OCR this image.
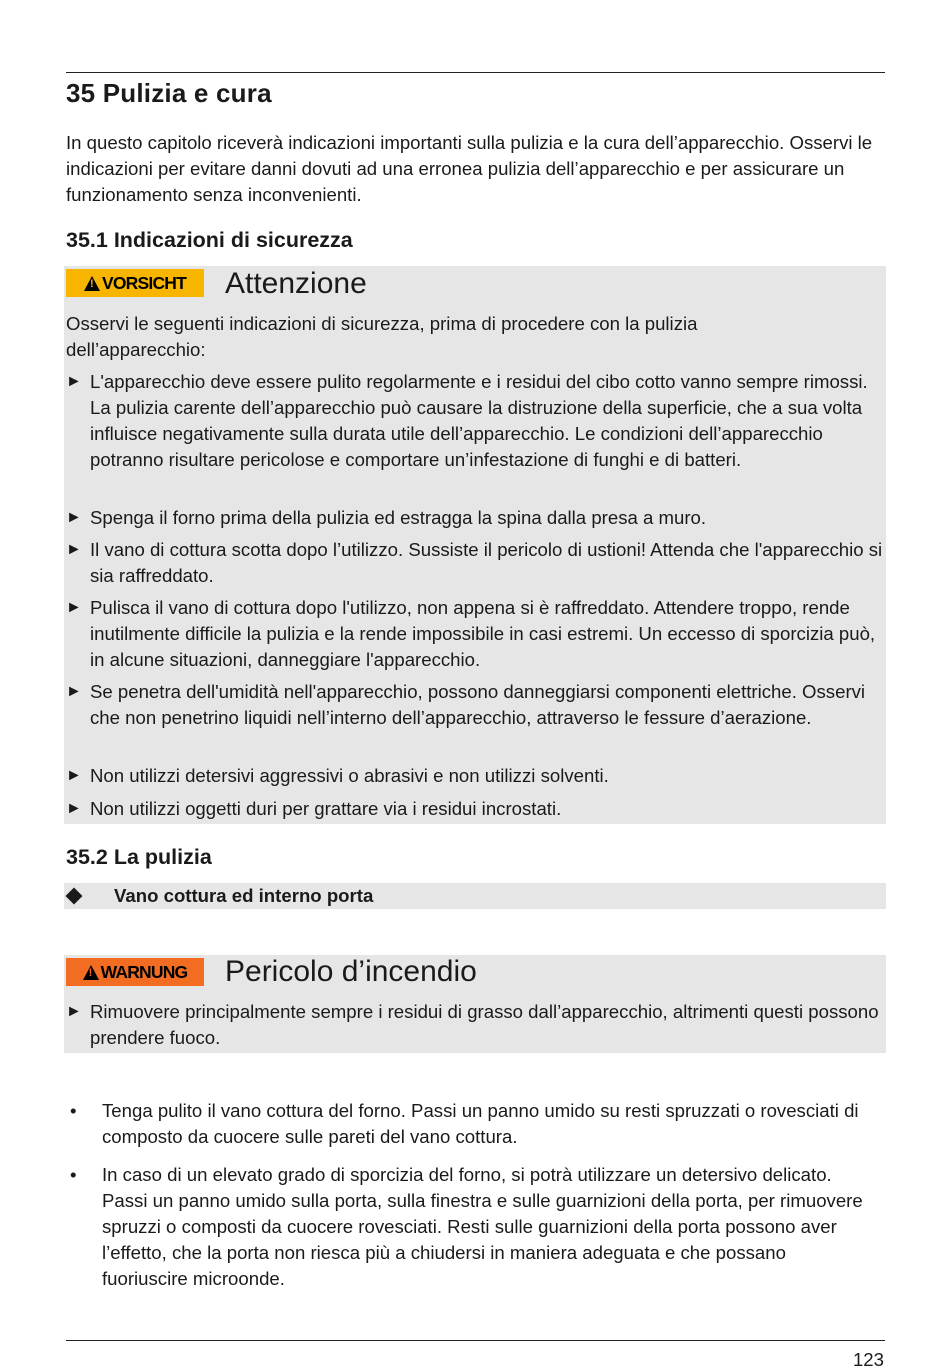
35 Pulizia e cura
In questo capitolo riceverà indicazioni importanti sulla pulizia e la cura dell’apparecchio. Osservi le indicazioni per evitare danni dovuti ad una erronea pulizia dell’apparecchio e per assicurare un funzionamento senza inconvenienti.
35.1 Indicazioni di sicurezza
!
VORSICHT Attenzione
Osservi le seguenti indicazioni di sicurezza, prima di procedere con la pulizia dell’apparecchio:
► L'apparecchio deve essere pulito regolarmente e i residui del cibo cotto vanno sempre rimossi. La pulizia carente dell’apparecchio può causare la distruzione della superficie, che a sua volta influisce negativamente sulla durata utile dell’apparecchio. Le condizioni dell’apparecchio potranno risultare pericolose e comportare un’infestazione di funghi e di batteri.
► Spenga il forno prima della pulizia ed estragga la spina dalla presa a muro.
► Il vano di cottura scotta dopo l’utilizzo. Sussiste il pericolo di ustioni! Attenda che l'apparecchio si sia raffreddato.
► Pulisca il vano di cottura dopo l'utilizzo, non appena si è raffreddato. Attendere troppo, rende inutilmente difficile la pulizia e la rende impossibile in casi estremi. Un eccesso di sporcizia può, in alcune situazioni, danneggiare l'apparecchio.
► Se penetra dell'umidità nell'apparecchio, possono danneggiarsi componenti elettriche. Osservi che non penetrino liquidi nell’interno dell’apparecchio, attraverso le fessure d’aerazione.
► Non utilizzi detersivi aggressivi o abrasivi e non utilizzi solventi.
► Non utilizzi oggetti duri per grattare via i residui incrostati.
35.2 La pulizia
Vano cottura ed interno porta
!
WARNUNG Pericolo d’incendio
► Rimuovere principalmente sempre i residui di grasso dall’apparecchio, altrimenti questi possono prendere fuoco.
•	Tenga pulito il vano cottura del forno. Passi un panno umido su resti spruzzati o rovesciati di composto da cuocere sulle pareti del vano cottura.
•	In caso di un elevato grado di sporcizia del forno, si potrà utilizzare un detersivo delicato. Passi un panno umido sulla porta, sulla finestra e sulle guarnizioni della porta, per rimuovere spruzzi o composti da cuocere rovesciati. Resti sulle guarnizioni della porta possono aver l’effetto, che la porta non riesca più a chiudersi in maniera adeguata e che possano fuoriuscire microonde.
123
